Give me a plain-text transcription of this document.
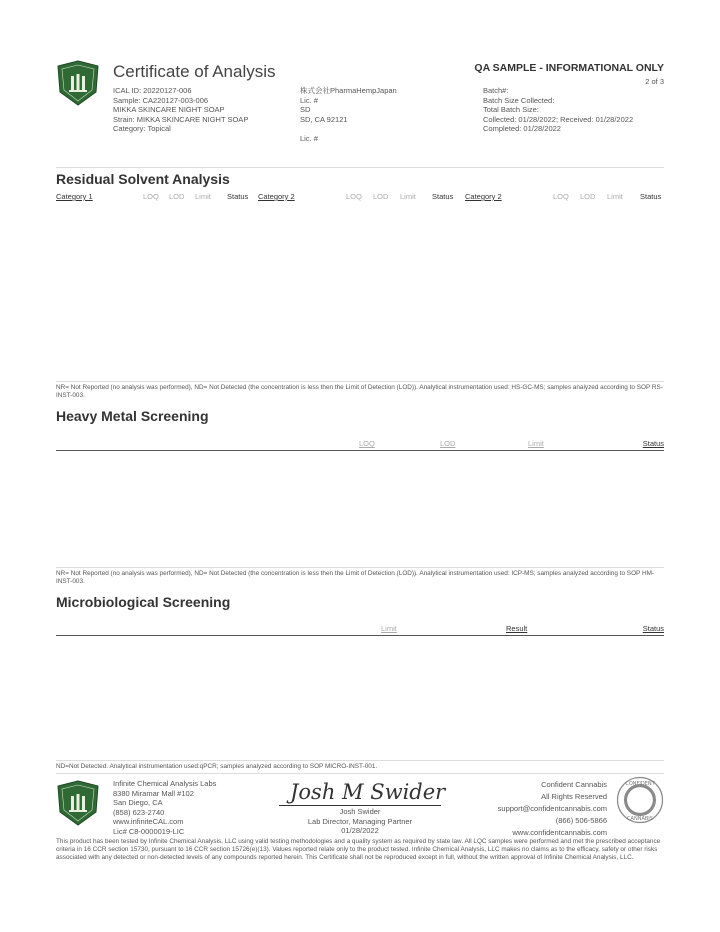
Certificate of Analysis	QA SAMPLE - INFORMATIONAL ONLY
2 of 3
ICAL ID: 20220127-006
Sample: CA220127-003-006
MIKKA SKINCARE NIGHT SOAP
Strain: MIKKA SKINCARE NIGHT SOAP
Category: Topical
株式会社PharmaHempJapan
Lic. #
SD
SD, CA 92121
Lic. #
Batch#:
Batch Size Collected:
Total Batch Size:
Collected: 01/28/2022; Received: 01/28/2022
Completed: 01/28/2022
Residual Solvent Analysis
Category 1	LOQ LOD Limit Status Category 2	LOQ LOD Limit Status Category 2	LOQ LOD Limit Status
NR= Not Reported (no analysis was performed), ND= Not Detected (the concentration is less then the Limit of Detection (LOD)). Analytical instrumentation used: HS-GC-MS; samples analyzed according to SOP RS-INST-003.
Heavy Metal Screening
LOQ	LOD	Limit	Status
NR= Not Reported (no analysis was performed), ND= Not Detected (the concentration is less then the Limit of Detection (LOD)). Analytical instrumentation used: ICP-MS; samples analyzed according to SOP HM-INST-003.
Microbiological Screening
Limit	Result	Status
ND=Not Detected. Analytical instrumentation used:qPCR; samples analyzed according to SOP MICRO-INST-001.
Infinite Chemical Analysis Labs
8380 Miramar Mall #102
San Diego, CA
(858) 623-2740
www.infiniteCAL.com
Lic# C8-0000019-LIC
Josh M Swider
Josh Swider
Lab Director, Managing Partner
01/28/2022
Confident Cannabis
All Rights Reserved
support@confidentcannabis.com
(866) 506-5866
www.confidentcannabis.com
CONFIDENT
CANNABIS
This product has been tested by Infinite Chemical Analysis, LLC using valid testing methodologies and a quality system as required by state law. All LQC samples were performed and met the prescribed acceptance criteria in 16 CCR section 15730, pursuant to 16 CCR section 15726(e)(13). Values reported relate only to the product tested. Infinite Chemical Analysis, LLC makes no claims as to the efficacy, safety or other risks associated with any detected or non-detected levels of any compounds reported herein. This Certificate shall not be reproduced except in full, without the written approval of Infinite Chemical Analysis, LLC.
